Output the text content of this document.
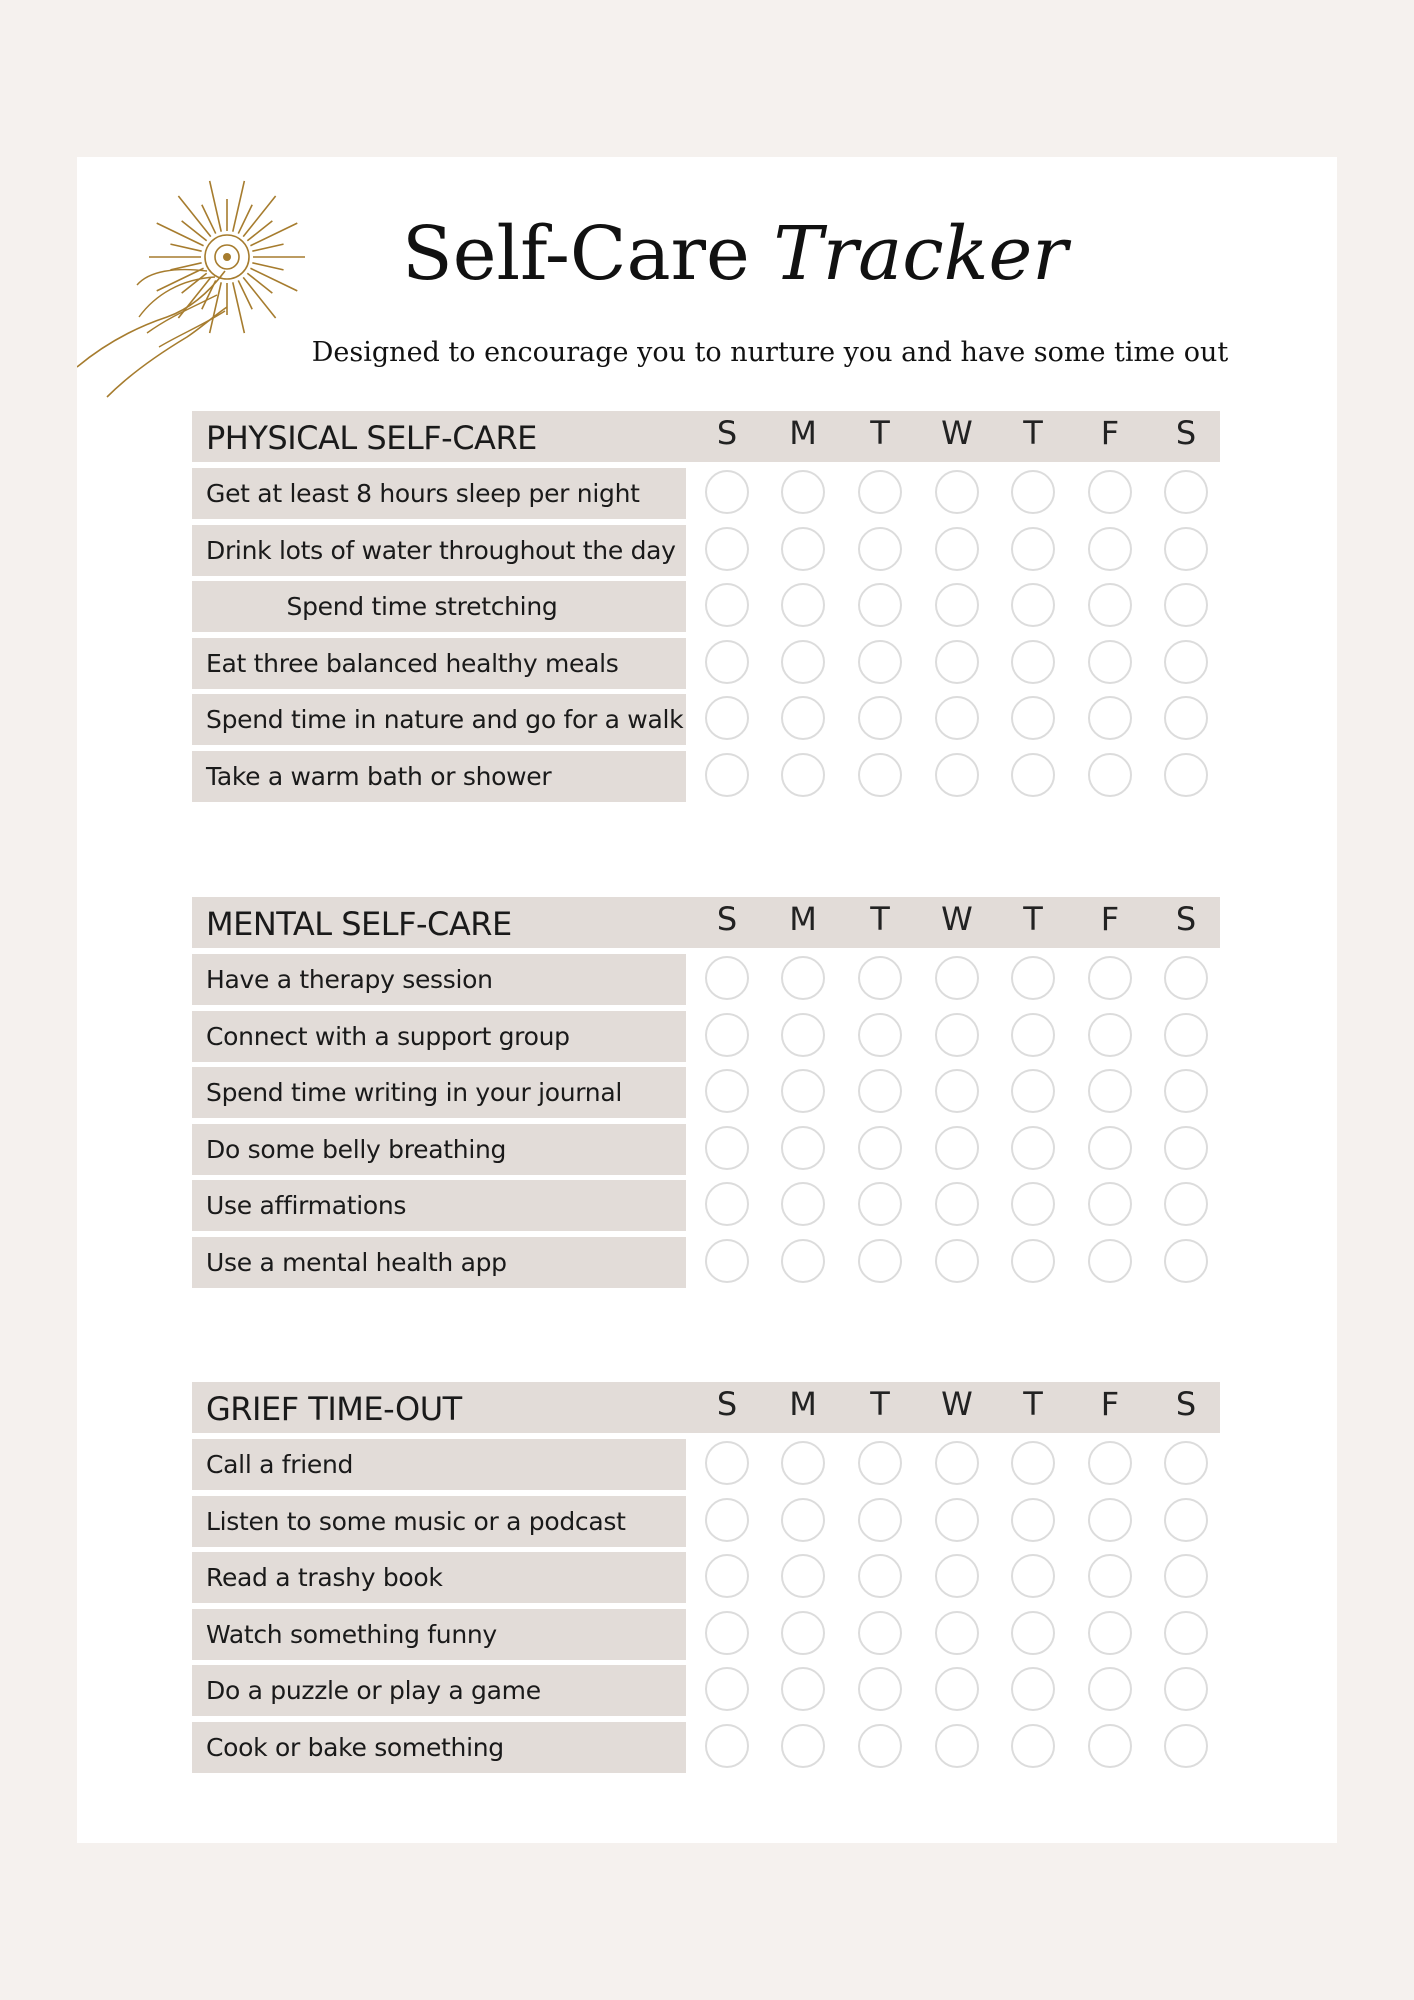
Self-Care Tracker
Designed to encourage you to nurture you and have some time out
PHYSICAL SELF-CARE	S	M	T	W	T	F	S
Get at least 8 hours sleep per night
Drink lots of water throughout the day
Spend time stretching
Eat three balanced healthy meals
Spend time in nature and go for a walk
Take a warm bath or shower
MENTAL SELF-CARE	S	M	T	W	T	F	S
Have a therapy session
Connect with a support group
Spend time writing in your journal
Do some belly breathing
Use affirmations
Use a mental health app
GRIEF TIME-OUT	S	M	T	W	T	F	S
Call a friend
Listen to some music or a podcast
Read a trashy book
Watch something funny
Do a puzzle or play a game
Cook or bake something
